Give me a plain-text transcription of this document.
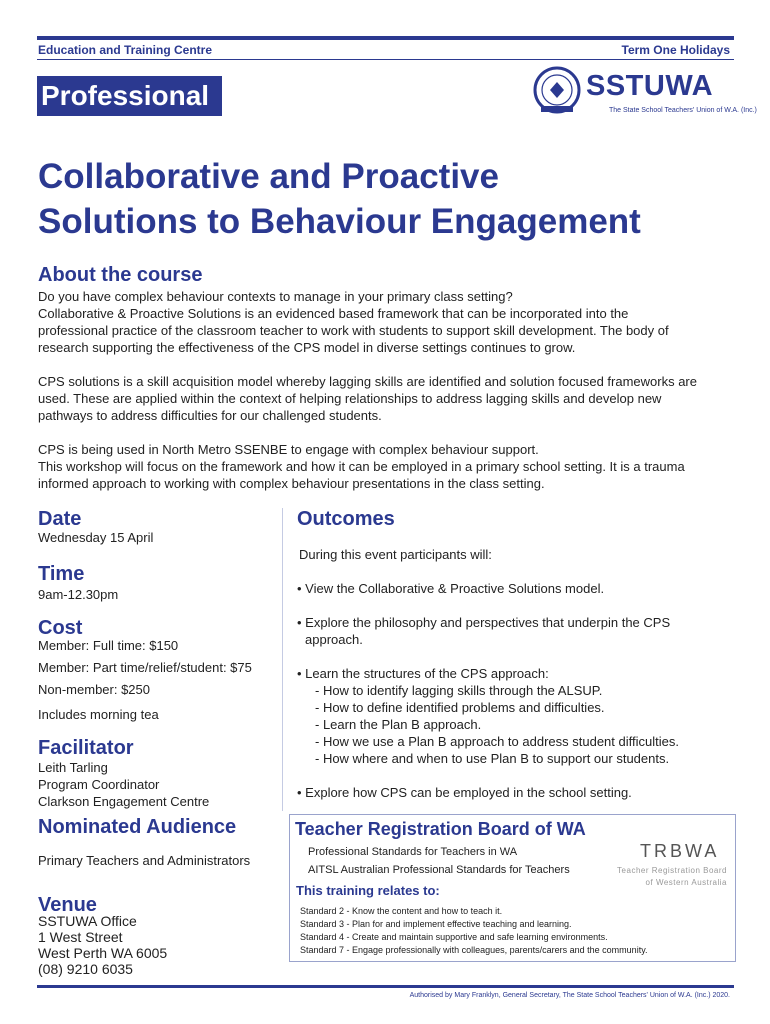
Education and Training Centre	Term One Holidays
Professional	SSTUWA
The State School Teachers' Union of W.A. (Inc.)
Collaborative and Proactive
Solutions to Behaviour Engagement
About the course

Do you have complex behaviour contexts to manage in your primary class setting?
Collaborative & Proactive Solutions is an evidenced based framework that can be incorporated into the
professional practice of the classroom teacher to work with students to support skill development. The body of
research supporting the effectiveness of the CPS model in diverse settings continues to grow.

CPS solutions is a skill acquisition model whereby lagging skills are identified and solution focused frameworks are
used. These are applied within the context of helping relationships to address lagging skills and develop new
pathways to address difficulties for our challenged students.

CPS is being used in North Metro SSENBE to engage with complex behaviour support.
This workshop will focus on the framework and how it can be employed in a primary school setting. It is a trauma
informed approach to working with complex behaviour presentations in the class setting.

Date
Wednesday 15 April
Time
9am-12.30pm
Cost
Member: Full time: $150
Member: Part time/relief/student: $75
Non-member: $250
Includes morning tea
Facilitator
Leith Tarling
Program Coordinator
Clarkson Engagement Centre
Nominated Audience
Primary Teachers and Administrators
Venue
SSTUWA Office
1 West Street
West Perth WA 6005
(08) 9210 6035
Outcomes
During this event participants will:
• View the Collaborative & Proactive Solutions model.
• Explore the philosophy and perspectives that underpin the CPS
approach.
• Learn the structures of the CPS approach:
- How to identify lagging skills through the ALSUP.
- How to define identified problems and difficulties.
- Learn the Plan B approach.
- How we use a Plan B approach to address student difficulties.
- How where and when to use Plan B to support our students.
• Explore how CPS can be employed in the school setting.
Teacher Registration Board of WA
Professional Standards for Teachers in WA
AITSL Australian Professional Standards for Teachers
TRBWA
Teacher Registration Board
of Western Australia
This training relates to:
Standard 2 - Know the content and how to teach it.
Standard 3 - Plan for and implement effective teaching and learning.
Standard 4 - Create and maintain supportive and safe learning environments.
Standard 7 - Engage professionally with colleagues, parents/carers and the community.
Authorised by Mary Franklyn, General Secretary, The State School Teachers' Union of W.A. (Inc.) 2020.
